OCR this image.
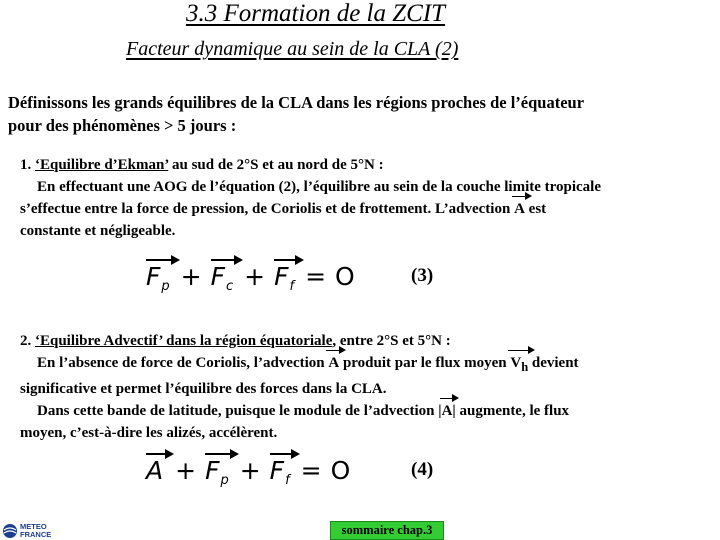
3.3 Formation de la ZCIT
Facteur dynamique au sein de la CLA (2)
Définissons les grands équilibres de la CLA dans les régions proches de l’équateur
pour des phénomènes > 5 jours :
1. ‘Equilibre d’Ekman’ au sud de 2°S et au nord de 5°N :
En effectuant une AOG de l’équation (2), l’équilibre au sein de la couche limite tropicale
s’effectue entre la force de pression, de Coriolis et de frottement. L’advection A est
constante et négligeable.
$F_p + F_c + F_f = O$	(3)
2. ‘Equilibre Advectif’ dans la région équatoriale, entre 2°S et 5°N :
En l’absence de force de Coriolis, l’advection A produit par le flux moyen $V_h$ devient
significative et permet l’équilibre des forces dans la CLA.
Dans cette bande de latitude, puisque le module de l’advection |A| augmente, le flux
moyen, c’est-à-dire les alizés, accélèrent.
$A + F_p + F_f = O$	(4)
METEO
FRANCE	sommaire chap.3
